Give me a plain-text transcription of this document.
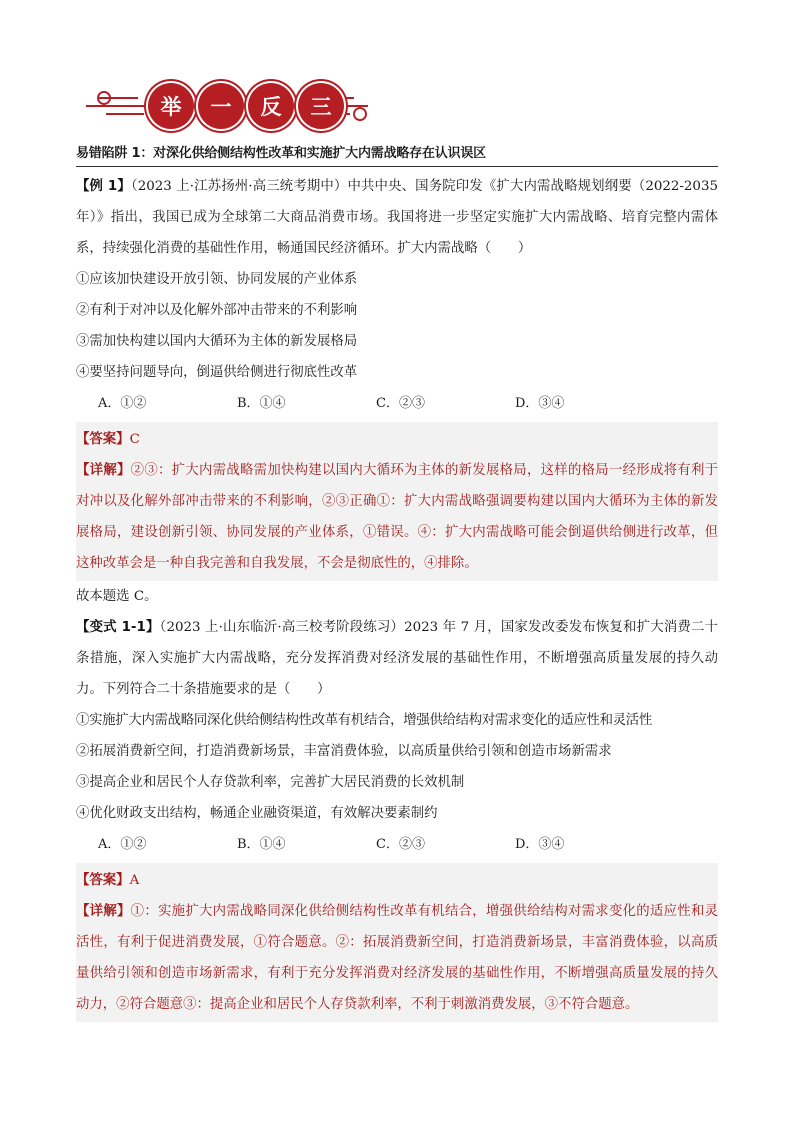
举	一	反	三
易错陷阱 1：对深化供给侧结构性改革和实施扩大内需战略存在认识误区

【例 1】（2023 上·江苏扬州·高三统考期中）中共中央、国务院印发《扩大内需战略规划纲要（2022-2035 年）》指出，我国已成为全球第二大商品消费市场。我国将进一步坚定实施扩大内需战略、培育完整内需体系，持续强化消费的基础性作用，畅通国民经济循环。扩大内需战略（　　）

①应该加快建设开放引领、协同发展的产业体系

②有利于对冲以及化解外部冲击带来的不利影响

③需加快构建以国内大循环为主体的新发展格局

④要坚持问题导向，倒逼供给侧进行彻底性改革

A．①②	B．①④	C．②③	D．③④

【答案】C

【详解】②③：扩大内需战略需加快构建以国内大循环为主体的新发展格局，这样的格局一经形成将有利于对冲以及化解外部冲击带来的不利影响，②③正确①：扩大内需战略强调要构建以国内大循环为主体的新发展格局，建设创新引领、协同发展的产业体系，①错误。④：扩大内需战略可能会倒逼供给侧进行改革，但这种改革会是一种自我完善和自我发展，不会是彻底性的，④排除。

故本题选 C。

【变式 1-1】（2023 上·山东临沂·高三校考阶段练习）2023 年 7 月，国家发改委发布恢复和扩大消费二十条措施，深入实施扩大内需战略，充分发挥消费对经济发展的基础性作用，不断增强高质量发展的持久动力。下列符合二十条措施要求的是（　　）

①实施扩大内需战略同深化供给侧结构性改革有机结合，增强供给结构对需求变化的适应性和灵活性

②拓展消费新空间，打造消费新场景，丰富消费体验，以高质量供给引领和创造市场新需求

③提高企业和居民个人存贷款利率，完善扩大居民消费的长效机制

④优化财政支出结构，畅通企业融资渠道，有效解决要素制约

A．①②	B．①④	C．②③	D．③④

【答案】A

【详解】①：实施扩大内需战略同深化供给侧结构性改革有机结合，增强供给结构对需求变化的适应性和灵活性，有利于促进消费发展，①符合题意。②：拓展消费新空间，打造消费新场景，丰富消费体验，以高质量供给引领和创造市场新需求，有利于充分发挥消费对经济发展的基础性作用，不断增强高质量发展的持久动力，②符合题意③：提高企业和居民个人存贷款利率，不利于刺激消费发展，③不符合题意。
